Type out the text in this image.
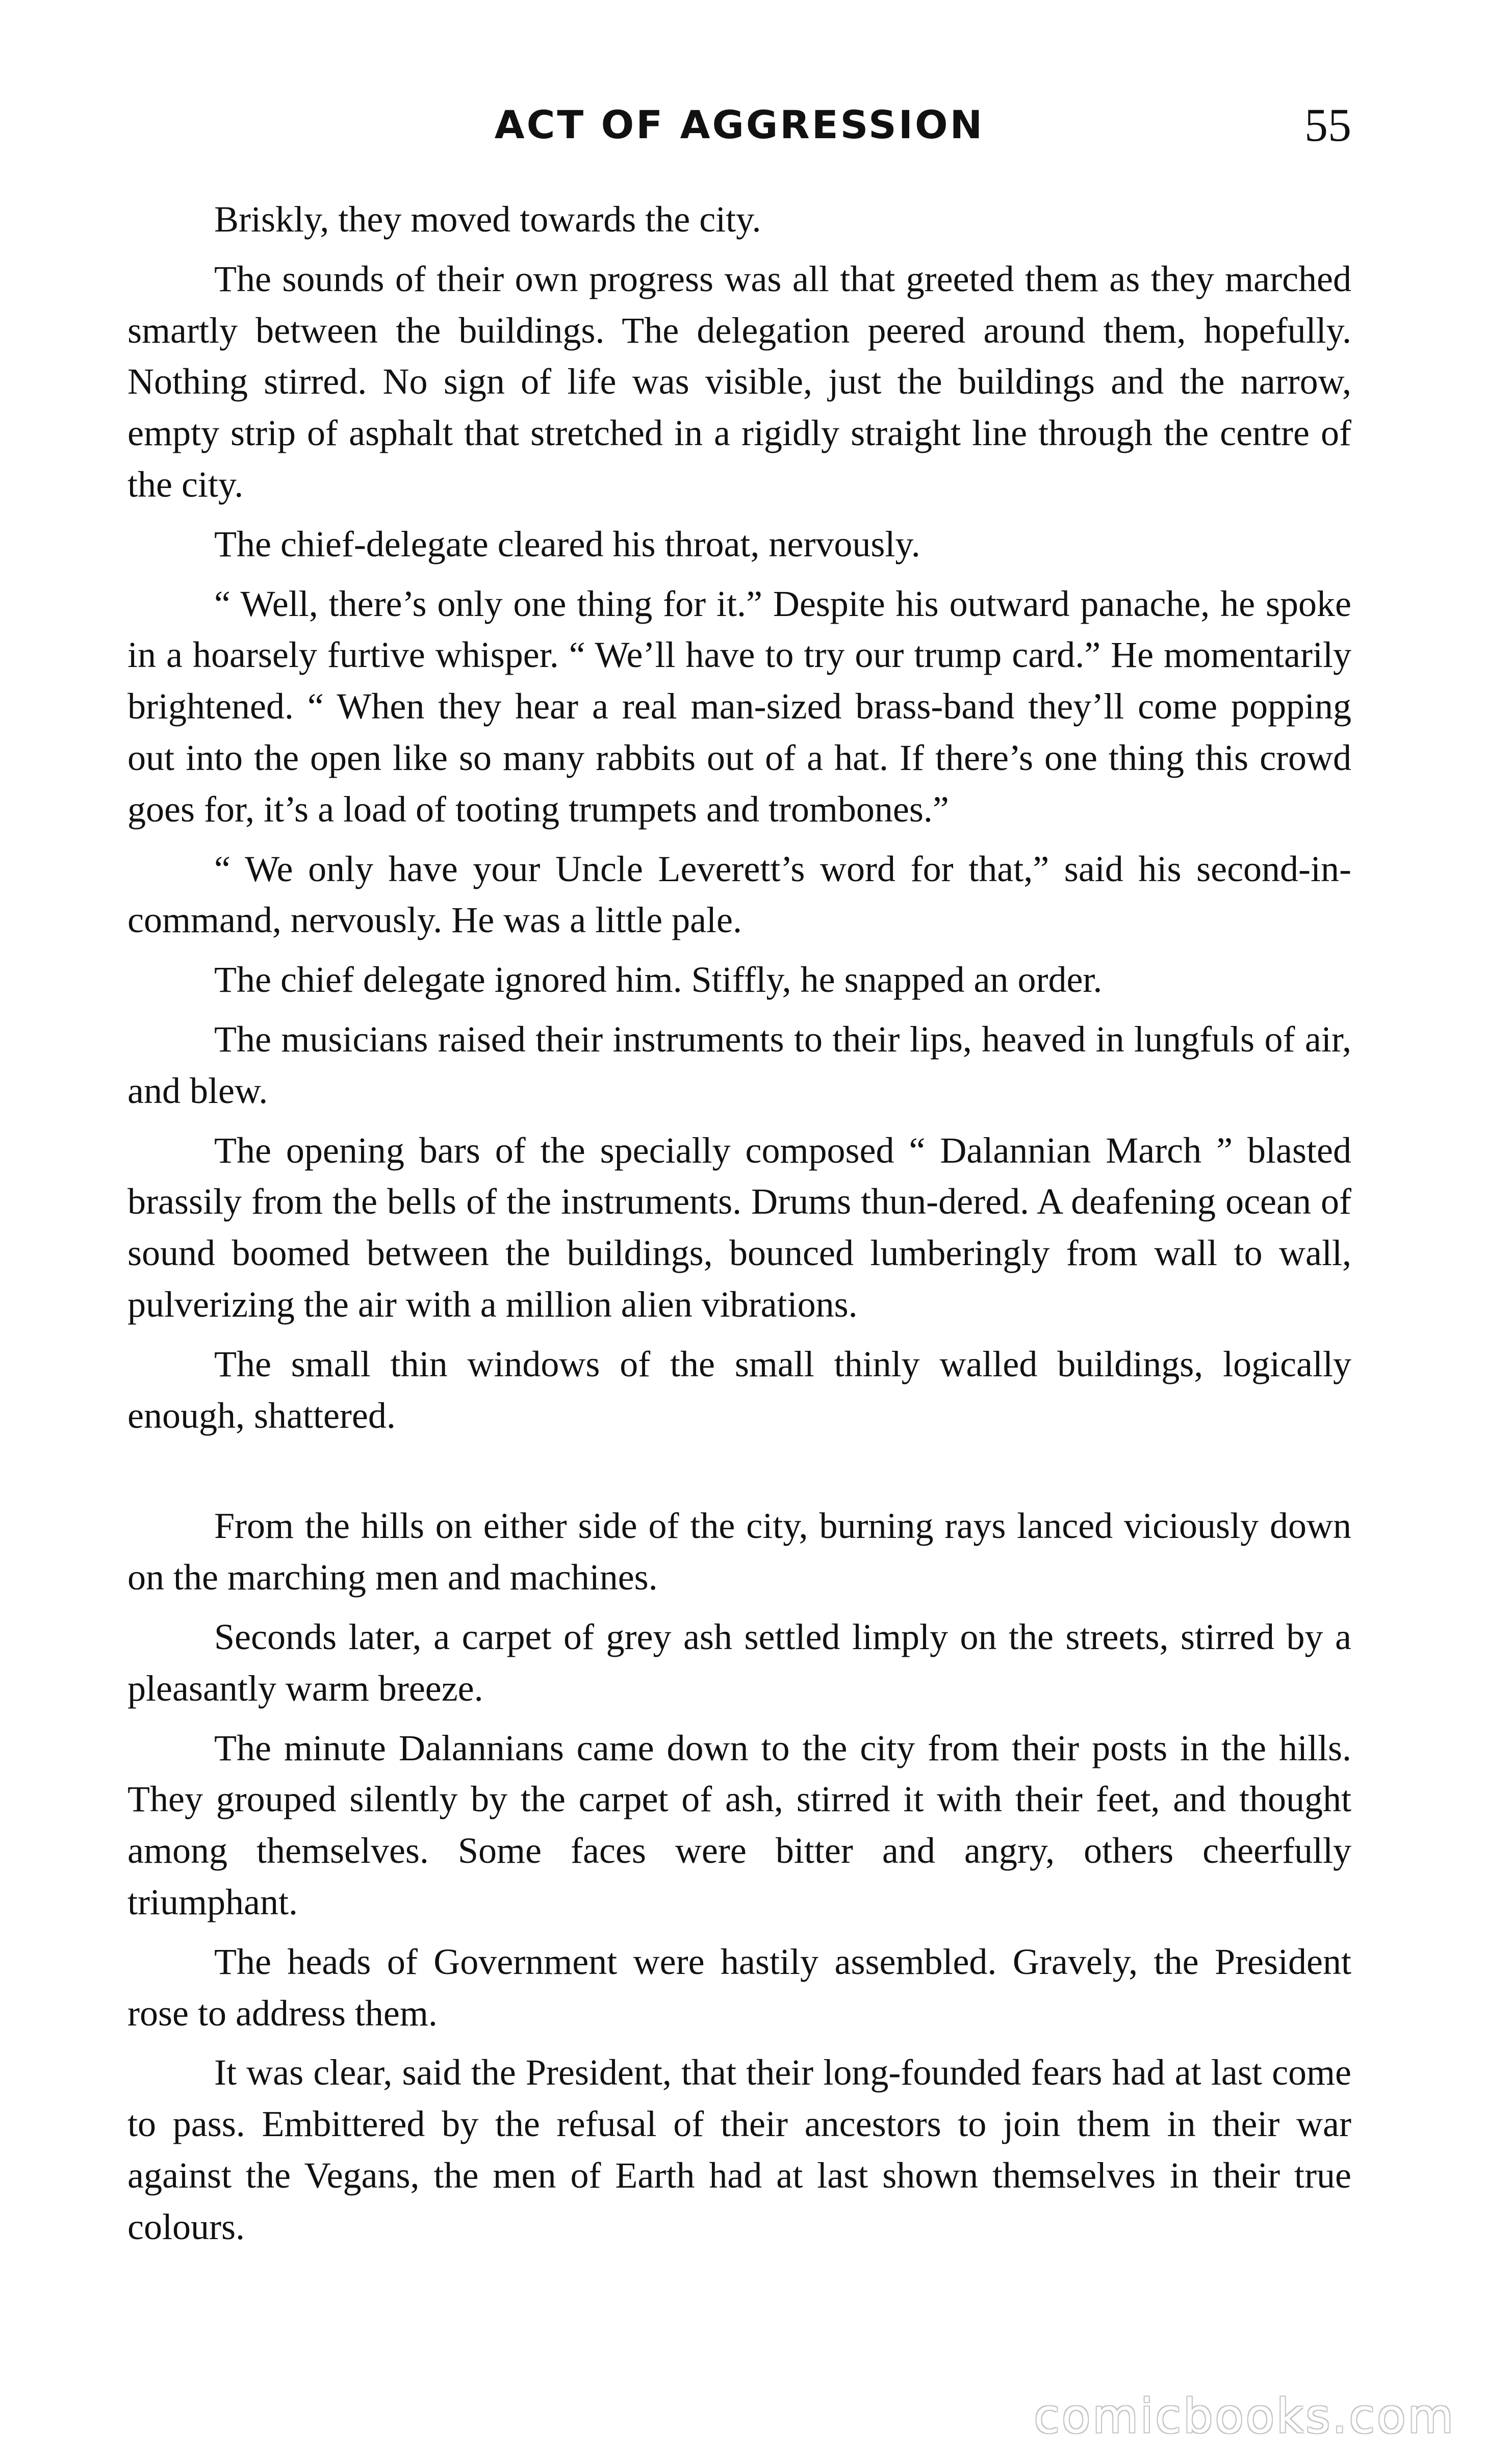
ACT OF AGGRESSION	55

Briskly, they moved towards the city.

The sounds of their own progress was all that greeted them as they marched smartly between the buildings. The delegation peered around them, hopefully. Nothing stirred. No sign of life was visible, just the buildings and the narrow, empty strip of asphalt that stretched in a rigidly straight line through the centre of the city.

The chief-delegate cleared his throat, nervously.

“ Well, there’s only one thing for it.” Despite his outward panache, he spoke in a hoarsely furtive whisper. “ We’ll have to try our trump card.” He momentarily brightened. “ When they hear a real man-sized brass-band they’ll come popping out into the open like so many rabbits out of a hat. If there’s one thing this crowd goes for, it’s a load of tooting trumpets and trombones.”

“ We only have your Uncle Leverett’s word for that,” said his second-in-command, nervously. He was a little pale.

The chief delegate ignored him. Stiffly, he snapped an order.

The musicians raised their instruments to their lips, heaved in lungfuls of air, and blew.

The opening bars of the specially composed “ Dalannian March ” blasted brassily from the bells of the instruments. Drums thun-dered. A deafening ocean of sound boomed between the buildings, bounced lumberingly from wall to wall, pulverizing the air with a million alien vibrations.

The small thin windows of the small thinly walled buildings, logically enough, shattered.

From the hills on either side of the city, burning rays lanced viciously down on the marching men and machines.

Seconds later, a carpet of grey ash settled limply on the streets, stirred by a pleasantly warm breeze.

The minute Dalannians came down to the city from their posts in the hills. They grouped silently by the carpet of ash, stirred it with their feet, and thought among themselves. Some faces were bitter and angry, others cheerfully triumphant.

The heads of Government were hastily assembled. Gravely, the President rose to address them.

It was clear, said the President, that their long-founded fears had at last come to pass. Embittered by the refusal of their ancestors to join them in their war against the Vegans, the men of Earth had at last shown themselves in their true colours.

comicbooks.com
